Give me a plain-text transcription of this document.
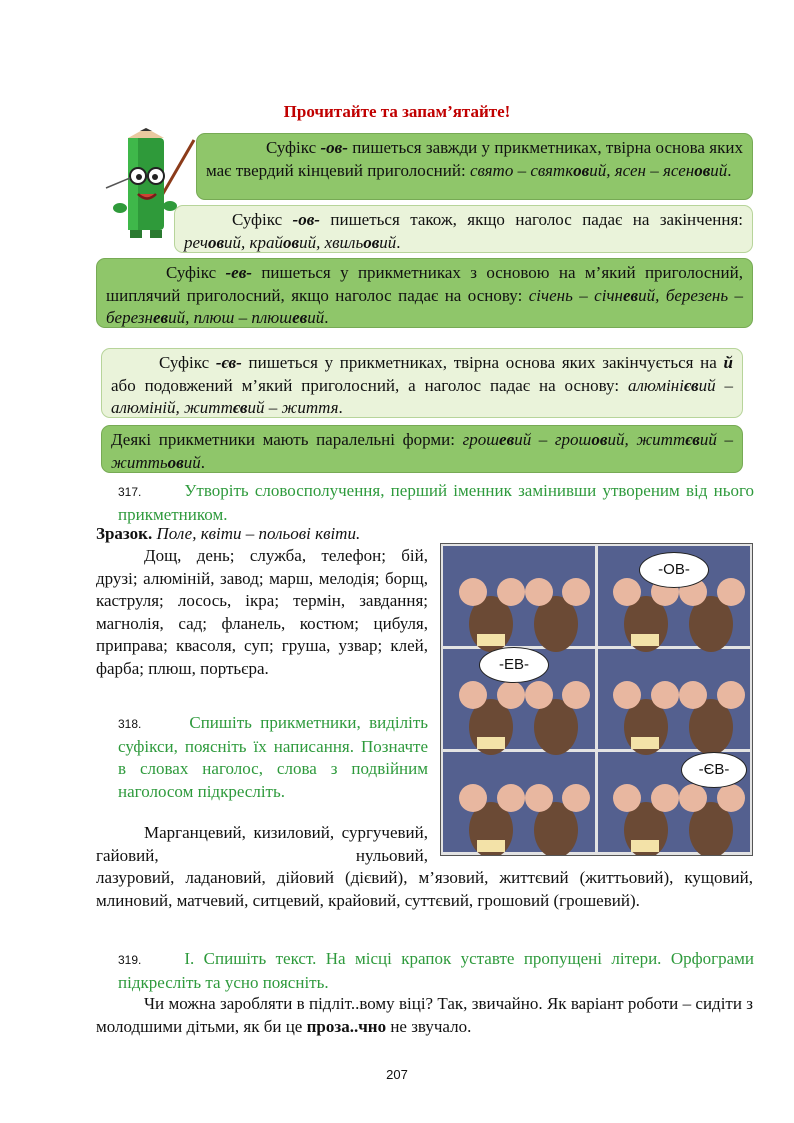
Прочитайте та запам’ятайте!

Суфікс -ов- пишеться завжди у прикметниках, твірна основа яких має твердий кінцевий приголосний: свято – святковий, ясен – ясеновий.

Суфікс -ов- пишеться також, якщо наголос падає на закінчення: речовий, крайовий, хвильовий.

Суфікс -ев- пишеться у прикметниках з основою на м’який приголосний, шиплячий приголосний, якщо наголос падає на основу: січень – січневий, березень – березневий, плюш – плюшевий.

Суфікс -єв- пишеться у прикметниках, твірна основа яких закінчується на й або подовжений м’який приголосний, а наголос падає на основу: алюмінієвий – алюміній, життєвий – життя.

Деякі прикметники мають паралельні форми: грошевий – грошовий, життєвий – життьовий.

317.	Утворіть словосполучення, перший іменник замінивши утвореним від нього прикметником.
Зразок. Поле, квіти – польові квіти.
Дощ, день; служба, телефон; бій, друзі; алюміній, завод; марш, мелодія; борщ, каструля; лосось, ікра; термін, завдання; магнолія, сад; фланель, костюм; цибуля, приправа; квасоля, суп; груша, узвар; клей, фарба; плюш, портьєра.
-ОВ-
-ЕВ-
-ЄВ-
318.	Спишіть прикметники, виділіть суфікси, поясніть їх написання. Позначте в словах наголос, слова з подвійним наголосом підкресліть.
Марганцевий, кизиловий, сургучевий, гайовий, нульовий,
лазуровий, ладановий, дійовий (дієвий), м’язовий, життєвий (життьовий), кущовий, млиновий, матчевий, ситцевий, крайовий, суттєвий, грошовий (грошевий).
319.	І. Спишіть текст. На місці крапок уставте пропущені літери. Орфограми підкресліть та усно поясніть.
Чи можна заробляти в підліт..вому віці? Так, звичайно. Як варіант роботи – сидіти з молодшими дітьми, як би це проза..чно не звучало.
207
